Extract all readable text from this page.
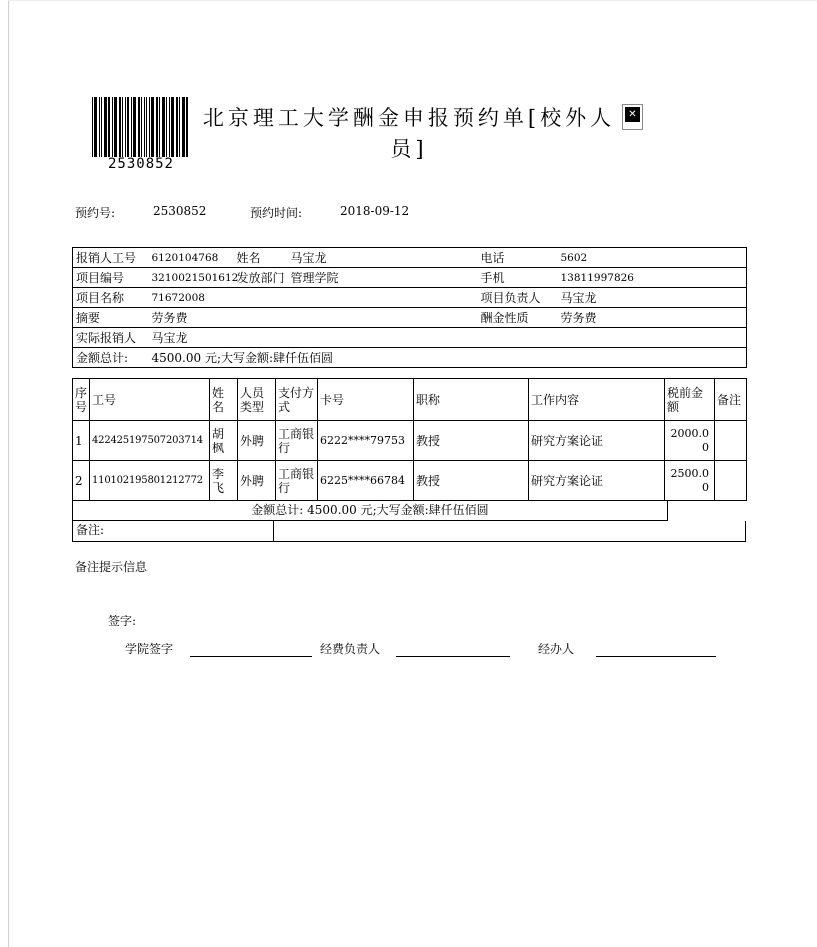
2530852
北京理工大学酬金申报预约单[校外人员]
✕
预约号:	2530852	预约时间:	2018-09-12
报销人工号	6120104768	姓名	马宝龙	电话	5602
项目编号	3210021501612	发放部门	管理学院	手机	13811997826
项目名称	71672008			项目负责人	马宝龙
摘要	劳务费			酬金性质	劳务费
实际报销人	马宝龙				
金额总计:	4500.00 元;大写金额:肆仟伍佰圆				
序号	工号	姓名	人员类型	支付方式	卡号	职称	工作内容	税前金额	备注
1	422425197507203714	胡枫	外聘	工商银行	6222****79753	教授	研究方案论证	2000.00	
2	110102195801212772	李飞	外聘	工商银行	6225****66784	教授	研究方案论证	2500.00	
金额总计: 4500.00 元;大写金额:肆仟伍佰圆
备注:
备注提示信息
签字:
学院签字	经费负责人	经办人
